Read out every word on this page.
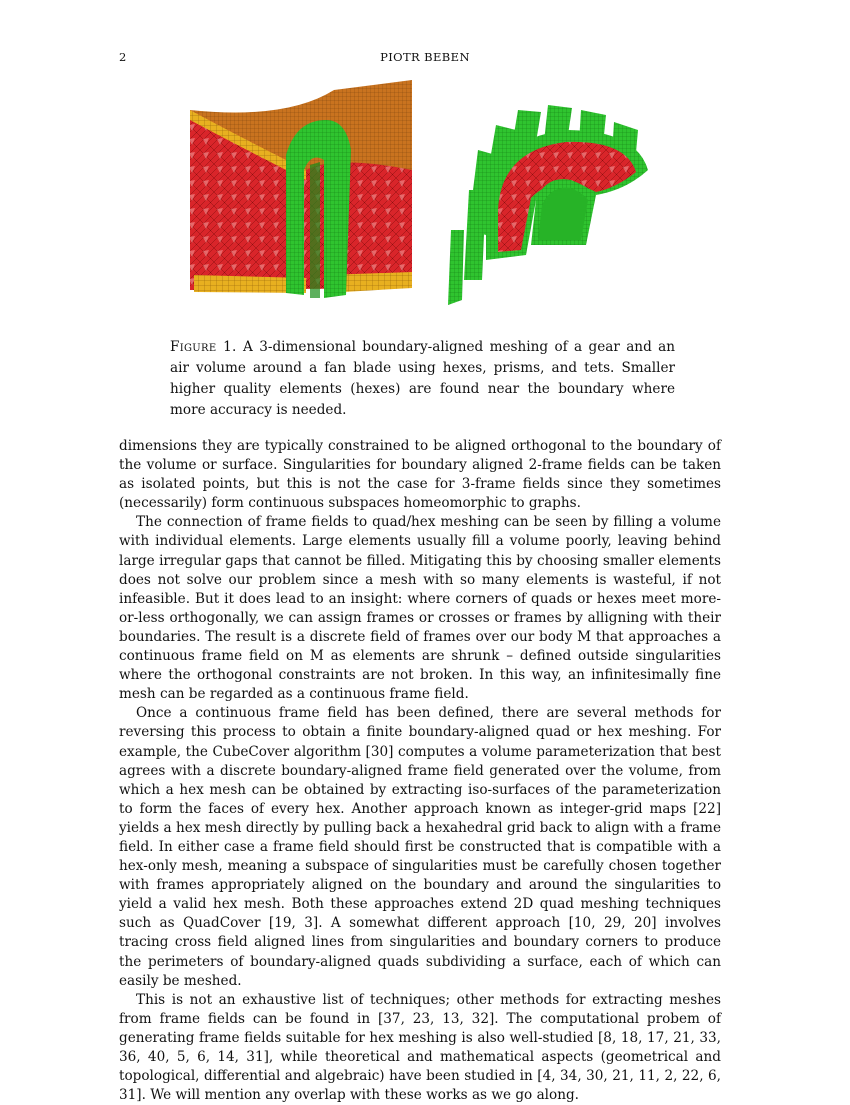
2	PIOTR BEBEN
Figure 1. A 3-dimensional boundary-aligned meshing of a gear and an air volume around a fan blade using hexes, prisms, and tets. Smaller higher quality elements (hexes) are found near the boundary where more accuracy is needed.

dimensions they are typically constrained to be aligned orthogonal to the boundary of the volume or surface. Singularities for boundary aligned 2-frame fields can be taken as isolated points, but this is not the case for 3-frame fields since they sometimes (necessarily) form continuous subspaces homeomorphic to graphs.

The connection of frame fields to quad/hex meshing can be seen by filling a volume with individual elements. Large elements usually fill a volume poorly, leaving behind large irregular gaps that cannot be filled. Mitigating this by choosing smaller elements does not solve our problem since a mesh with so many elements is wasteful, if not infeasible. But it does lead to an insight: where corners of quads or hexes meet more-or-less orthogonally, we can assign frames or crosses or frames by alligning with their boundaries. The result is a discrete field of frames over our body M that approaches a continuous frame field on M as elements are shrunk – defined outside singularities where the orthogonal constraints are not broken. In this way, an infinitesimally fine mesh can be regarded as a continuous frame field.

Once a continuous frame field has been defined, there are several methods for reversing this process to obtain a finite boundary-aligned quad or hex meshing. For example, the CubeCover algorithm [30] computes a volume parameterization that best agrees with a discrete boundary-aligned frame field generated over the volume, from which a hex mesh can be obtained by extracting iso-surfaces of the parameterization to form the faces of every hex. Another approach known as integer-grid maps [22] yields a hex mesh directly by pulling back a hexahedral grid back to align with a frame field. In either case a frame field should first be constructed that is compatible with a hex-only mesh, meaning a subspace of singularities must be carefully chosen together with frames appropriately aligned on the boundary and around the singularities to yield a valid hex mesh. Both these approaches extend 2D quad meshing techniques such as QuadCover [19, 3]. A somewhat different approach [10, 29, 20] involves tracing cross field aligned lines from singularities and boundary corners to produce the perimeters of boundary-aligned quads subdividing a surface, each of which can easily be meshed.

This is not an exhaustive list of techniques; other methods for extracting meshes from frame fields can be found in [37, 23, 13, 32]. The computational probem of generating frame fields suitable for hex meshing is also well-studied [8, 18, 17, 21, 33, 36, 40, 5, 6, 14, 31], while theoretical and mathematical aspects (geometrical and topological, differential and algebraic) have been studied in [4, 34, 30, 21, 11, 2, 22, 6, 31]. We will mention any overlap with these works as we go along.
